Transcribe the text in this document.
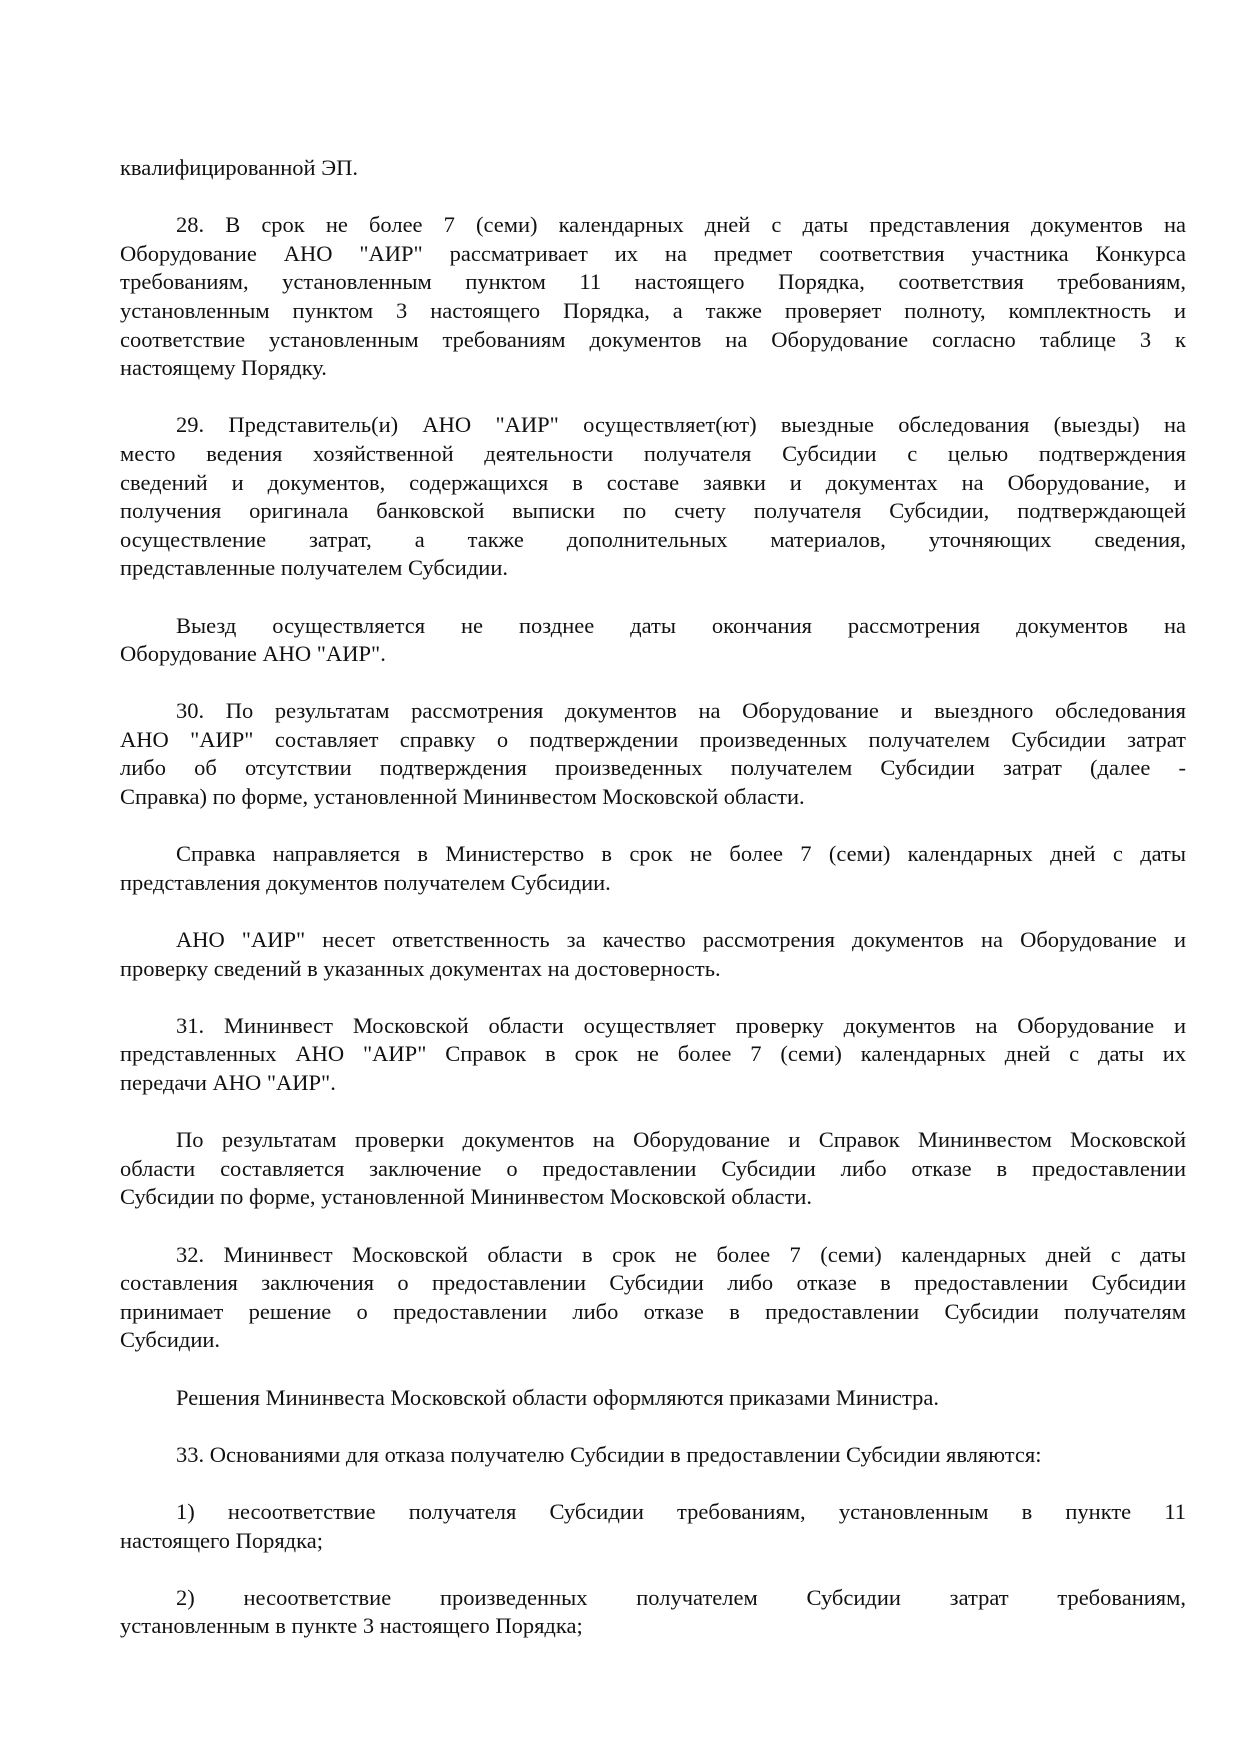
квалифицированной ЭП.
28. В срок не более 7 (семи) календарных дней с даты представления документов на
Оборудование АНО "АИР" рассматривает их на предмет соответствия участника Конкурса
требованиям, установленным пунктом 11 настоящего Порядка, соответствия требованиям,
установленным пунктом 3 настоящего Порядка, а также проверяет полноту, комплектность и
соответствие установленным требованиям документов на Оборудование согласно таблице 3 к
настоящему Порядку.
29. Представитель(и) АНО "АИР" осуществляет(ют) выездные обследования (выезды) на
место ведения хозяйственной деятельности получателя Субсидии с целью подтверждения
сведений и документов, содержащихся в составе заявки и документах на Оборудование, и
получения оригинала банковской выписки по счету получателя Субсидии, подтверждающей
осуществление затрат, а также дополнительных материалов, уточняющих сведения,
представленные получателем Субсидии.
Выезд осуществляется не позднее даты окончания рассмотрения документов на
Оборудование АНО "АИР".
30. По результатам рассмотрения документов на Оборудование и выездного обследования
АНО "АИР" составляет справку о подтверждении произведенных получателем Субсидии затрат
либо об отсутствии подтверждения произведенных получателем Субсидии затрат (далее -
Справка) по форме, установленной Мининвестом Московской области.
Справка направляется в Министерство в срок не более 7 (семи) календарных дней с даты
представления документов получателем Субсидии.
АНО "АИР" несет ответственность за качество рассмотрения документов на Оборудование и
проверку сведений в указанных документах на достоверность.
31. Мининвест Московской области осуществляет проверку документов на Оборудование и
представленных АНО "АИР" Справок в срок не более 7 (семи) календарных дней с даты их
передачи АНО "АИР".
По результатам проверки документов на Оборудование и Справок Мининвестом Московской
области составляется заключение о предоставлении Субсидии либо отказе в предоставлении
Субсидии по форме, установленной Мининвестом Московской области.
32. Мининвест Московской области в срок не более 7 (семи) календарных дней с даты
составления заключения о предоставлении Субсидии либо отказе в предоставлении Субсидии
принимает решение о предоставлении либо отказе в предоставлении Субсидии получателям
Субсидии.
Решения Мининвеста Московской области оформляются приказами Министра.
33. Основаниями для отказа получателю Субсидии в предоставлении Субсидии являются:
1) несоответствие получателя Субсидии требованиям, установленным в пункте 11
настоящего Порядка;
2) несоответствие произведенных получателем Субсидии затрат требованиям,
установленным в пункте 3 настоящего Порядка;
